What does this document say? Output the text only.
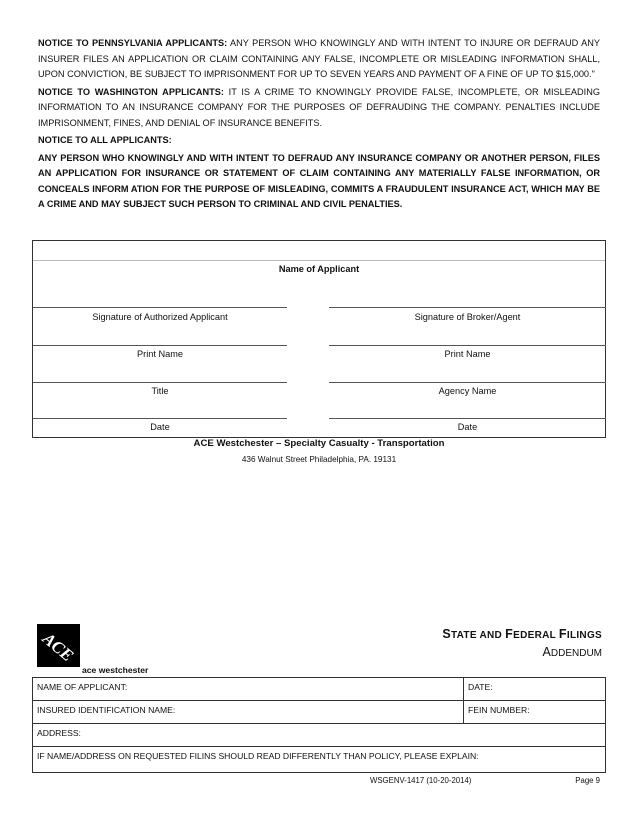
NOTICE TO PENNSYLVANIA APPLICANTS: ANY PERSON WHO KNOWINGLY AND WITH INTENT TO INJURE OR DEFRAUD ANY INSURER FILES AN APPLICATION OR CLAIM CONTAINING ANY FALSE, INCOMPLETE OR MISLEADING INFORMATION SHALL, UPON CONVICTION, BE SUBJECT TO IMPRISONMENT FOR UP TO SEVEN YEARS AND PAYMENT OF A FINE OF UP TO $15,000."

NOTICE TO WASHINGTON APPLICANTS: IT IS A CRIME TO KNOWINGLY PROVIDE FALSE, INCOMPLETE, OR MISLEADING INFORMATION TO AN INSURANCE COMPANY FOR THE PURPOSES OF DEFRAUDING THE COMPANY. PENALTIES INCLUDE IMPRISONMENT, FINES, AND DENIAL OF INSURANCE BENEFITS.

NOTICE TO ALL APPLICANTS:

ANY PERSON WHO KNOWINGLY AND WITH INTENT TO DEFRAUD ANY INSURANCE COMPANY OR ANOTHER PERSON, FILES AN APPLICATION FOR INSURANCE OR STATEMENT OF CLAIM CONTAINING ANY MATERIALLY FALSE INFORMATION, OR CONCEALS INFORM ATION FOR THE PURPOSE OF MISLEADING, COMMITS A FRAUDULENT INSURANCE ACT, WHICH MAY BE A CRIME AND MAY SUBJECT SUCH PERSON TO CRIMINAL AND CIVIL PENALTIES.

Name of Applicant
Signature of Authorized Applicant	Signature of Broker/Agent
Print Name	Print Name
Title	Agency Name
Date	Date
ACE Westchester – Specialty Casualty - Transportation
436 Walnut Street Philadelphia, PA. 19131
ACE
ace westchester
STATE AND FEDERAL FILINGS
ADDENDUM
NAME OF APPLICANT:	DATE:
INSURED IDENTIFICATION NAME:	FEIN NUMBER:
ADDRESS:	
IF NAME/ADDRESS ON REQUESTED FILINS SHOULD READ DIFFERENTLY THAN POLICY, PLEASE EXPLAIN:	
WSGENV-1417 (10-20-2014)	Page 9
